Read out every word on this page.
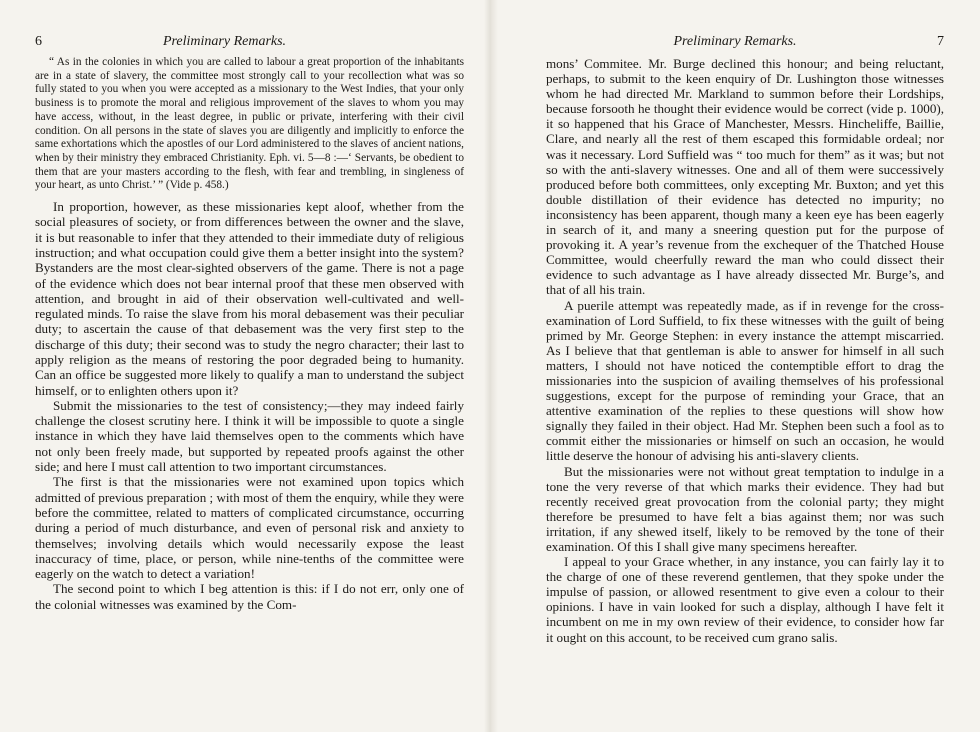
6	Preliminary Remarks.

“ As in the colonies in which you are called to labour a great proportion of the inhabitants are in a state of slavery, the committee most strongly call to your recollection what was so fully stated to you when you were accepted as a missionary to the West Indies, that your only business is to promote the moral and religious improvement of the slaves to whom you may have access, without, in the least degree, in public or private, interfering with their civil condition. On all persons in the state of slaves you are diligently and implicitly to enforce the same exhortations which the apostles of our Lord administered to the slaves of ancient nations, when by their ministry they embraced Christianity. Eph. vi. 5—8 :—‘ Servants, be obedient to them that are your masters according to the flesh, with fear and trembling, in singleness of your heart, as unto Christ.’ ” (Vide p. 458.)

In proportion, however, as these missionaries kept aloof, whether from the social pleasures of society, or from differences between the owner and the slave, it is but reasonable to infer that they attended to their immediate duty of religious instruction; and what occupation could give them a better insight into the system? Bystanders are the most clear-sighted observers of the game. There is not a page of the evidence which does not bear internal proof that these men observed with attention, and brought in aid of their observation well-cultivated and well-regulated minds. To raise the slave from his moral debasement was their peculiar duty; to ascertain the cause of that debasement was the very first step to the discharge of this duty; their second was to study the negro character; their last to apply religion as the means of restoring the poor degraded being to humanity. Can an office be suggested more likely to qualify a man to understand the subject himself, or to enlighten others upon it?

Submit the missionaries to the test of consistency;—they may indeed fairly challenge the closest scrutiny here. I think it will be impossible to quote a single instance in which they have laid themselves open to the comments which have not only been freely made, but supported by repeated proofs against the other side; and here I must call attention to two important circumstances.

The first is that the missionaries were not examined upon topics which admitted of previous preparation ; with most of them the enquiry, while they were before the committee, related to matters of complicated circumstance, occurring during a period of much disturbance, and even of personal risk and anxiety to themselves; involving details which would necessarily expose the least inaccuracy of time, place, or person, while nine-tenths of the committee were eagerly on the watch to detect a variation!

The second point to which I beg attention is this: if I do not err, only one of the colonial witnesses was examined by the Com-

Preliminary Remarks.	7

mons’ Commitee. Mr. Burge declined this honour; and being reluctant, perhaps, to submit to the keen enquiry of Dr. Lushington those witnesses whom he had directed Mr. Markland to summon before their Lordships, because forsooth he thought their evidence would be correct (vide p. 1000), it so happened that his Grace of Manchester, Messrs. Hincheliffe, Baillie, Clare, and nearly all the rest of them escaped this formidable ordeal; nor was it necessary. Lord Suffield was “ too much for them” as it was; but not so with the anti-slavery witnesses. One and all of them were successively produced before both committees, only excepting Mr. Buxton; and yet this double distillation of their evidence has detected no impurity; no inconsistency has been apparent, though many a keen eye has been eagerly in search of it, and many a sneering question put for the purpose of provoking it. A year’s revenue from the exchequer of the Thatched House Committee, would cheerfully reward the man who could dissect their evidence to such advantage as I have already dissected Mr. Burge’s, and that of all his train.

A puerile attempt was repeatedly made, as if in revenge for the cross-examination of Lord Suffield, to fix these witnesses with the guilt of being primed by Mr. George Stephen: in every instance the attempt miscarried. As I believe that that gentleman is able to answer for himself in all such matters, I should not have noticed the contemptible effort to drag the missionaries into the suspicion of availing themselves of his professional suggestions, except for the purpose of reminding your Grace, that an attentive examination of the replies to these questions will show how signally they failed in their object. Had Mr. Stephen been such a fool as to commit either the missionaries or himself on such an occasion, he would little deserve the honour of advising his anti-slavery clients.

But the missionaries were not without great temptation to indulge in a tone the very reverse of that which marks their evidence. They had but recently received great provocation from the colonial party; they might therefore be presumed to have felt a bias against them; nor was such irritation, if any shewed itself, likely to be removed by the tone of their examination. Of this I shall give many specimens hereafter.

I appeal to your Grace whether, in any instance, you can fairly lay it to the charge of one of these reverend gentlemen, that they spoke under the impulse of passion, or allowed resentment to give even a colour to their opinions. I have in vain looked for such a display, although I have felt it incumbent on me in my own review of their evidence, to consider how far it ought on this account, to be received cum grano salis.
